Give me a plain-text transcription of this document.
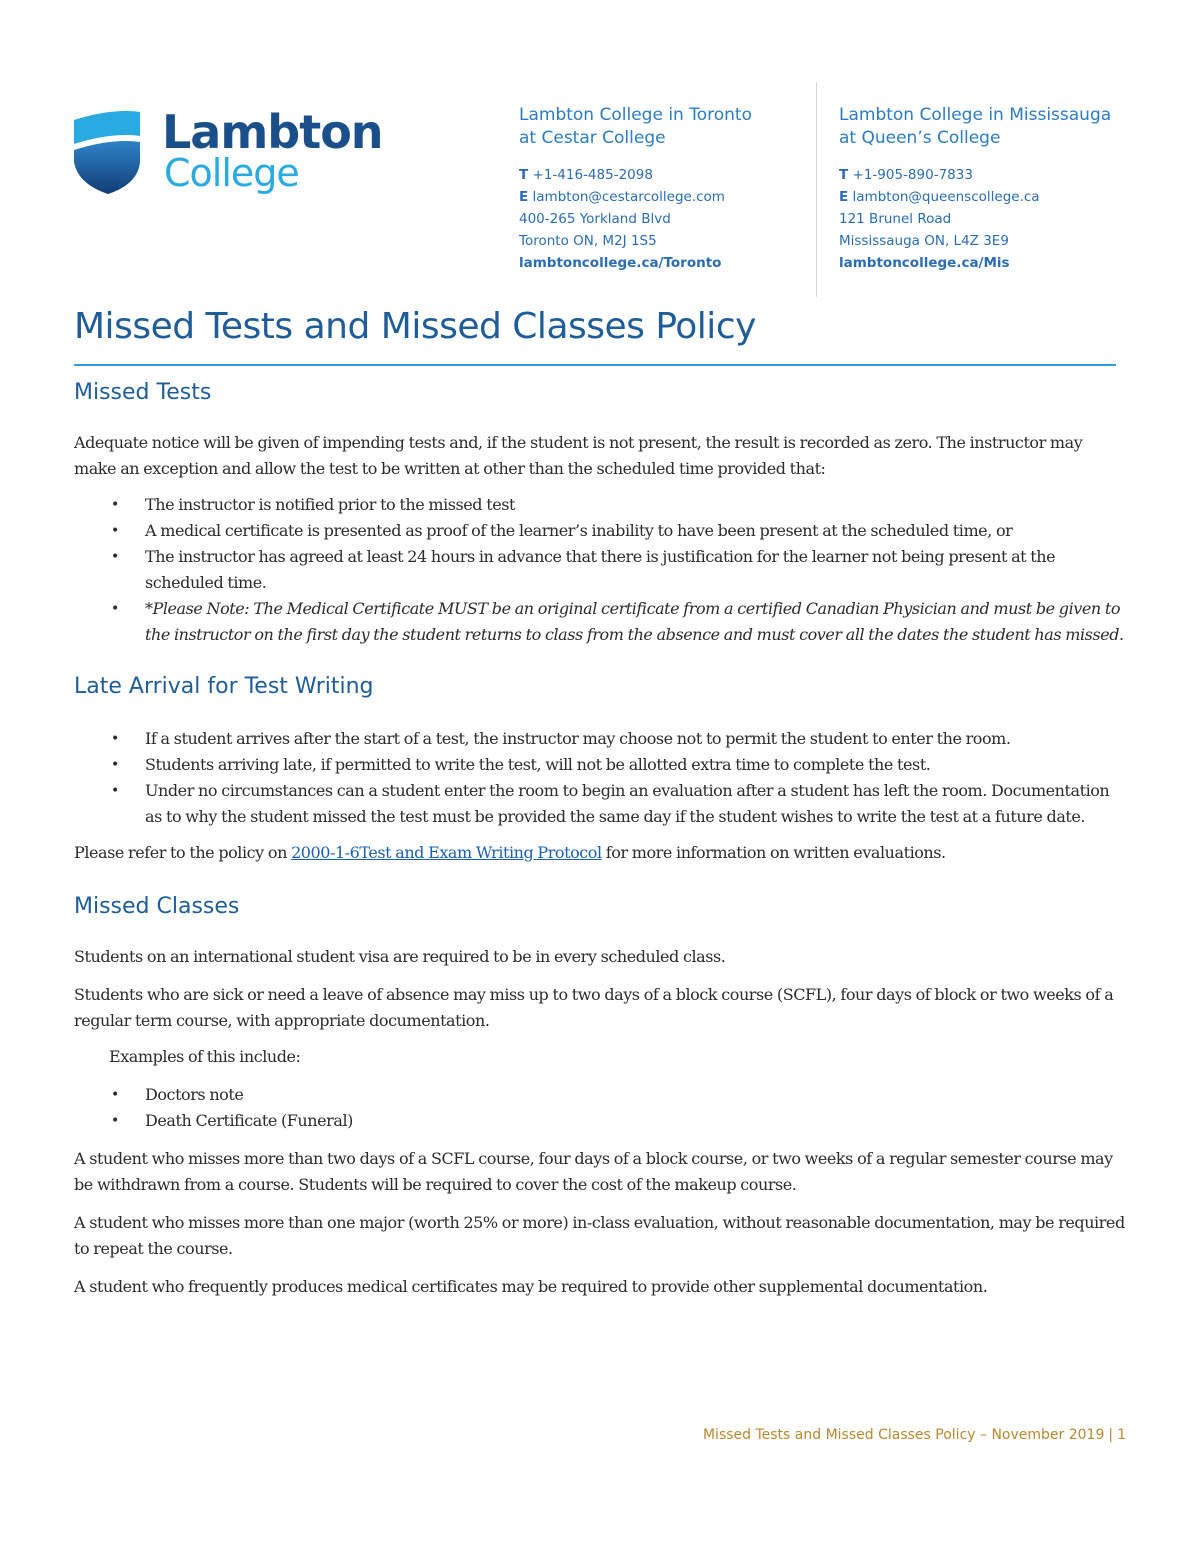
Lambton
College
Lambton College in Toronto
at Cestar College
T +1-416-485-2098
E lambton@cestarcollege.com
400-265 Yorkland Blvd
Toronto ON, M2J 1S5
lambtoncollege.ca/Toronto
Lambton College in Mississauga
at Queen’s College
T +1-905-890-7833
E lambton@queenscollege.ca
121 Brunel Road
Mississauga ON, L4Z 3E9
lambtoncollege.ca/Mis
Missed Tests and Missed Classes Policy
Missed Tests

Adequate notice will be given of impending tests and, if the student is not present, the result is recorded as zero. The instructor may make an exception and allow the test to be written at other than the scheduled time provided that:

• The instructor is notified prior to the missed test
• A medical certificate is presented as proof of the learner’s inability to have been present at the scheduled time, or
• The instructor has agreed at least 24 hours in advance that there is justification for the learner not being present at the scheduled time.
• *Please Note: The Medical Certificate MUST be an original certificate from a certified Canadian Physician and must be given to the instructor on the first day the student returns to class from the absence and must cover all the dates the student has missed.
Late Arrival for Test Writing
• If a student arrives after the start of a test, the instructor may choose not to permit the student to enter the room.
• Students arriving late, if permitted to write the test, will not be allotted extra time to complete the test.
• Under no circumstances can a student enter the room to begin an evaluation after a student has left the room. Documentation as to why the student missed the test must be provided the same day if the student wishes to write the test at a future date.

Please refer to the policy on 2000-1-6Test and Exam Writing Protocol for more information on written evaluations.

Missed Classes

Students on an international student visa are required to be in every scheduled class.

Students who are sick or need a leave of absence may miss up to two days of a block course (SCFL), four days of block or two weeks of a regular term course, with appropriate documentation.

Examples of this include:

• Doctors note
• Death Certificate (Funeral)

A student who misses more than two days of a SCFL course, four days of a block course, or two weeks of a regular semester course may be withdrawn from a course. Students will be required to cover the cost of the makeup course.

A student who misses more than one major (worth 25% or more) in-class evaluation, without reasonable documentation, may be required to repeat the course.

A student who frequently produces medical certificates may be required to provide other supplemental documentation.

Missed Tests and Missed Classes Policy – November 2019 | 1
